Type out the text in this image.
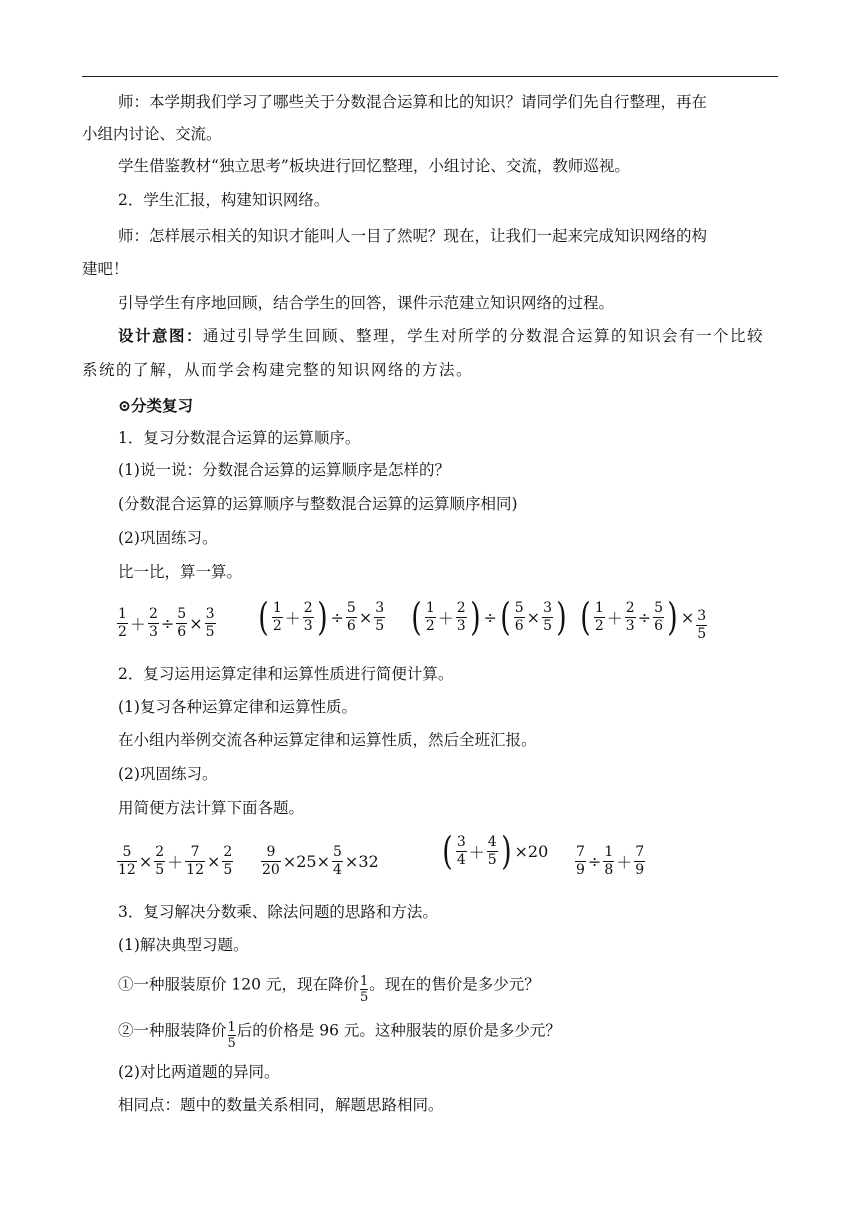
师：本学期我们学习了哪些关于分数混合运算和比的知识？请同学们先自行整理，再在
小组内讨论、交流。
学生借鉴教材“独立思考”板块进行回忆整理，小组讨论、交流，教师巡视。
2．学生汇报，构建知识网络。
师：怎样展示相关的知识才能叫人一目了然呢？现在，让我们一起来完成知识网络的构
建吧！
引导学生有序地回顾，结合学生的回答，课件示范建立知识网络的过程。
设计意图：通过引导学生回顾、整理，学生对所学的分数混合运算的知识会有一个比较
系统的了解，从而学会构建完整的知识网络的方法。
⊙分类复习
1．复习分数混合运算的运算顺序。
(1)说一说：分数混合运算的运算顺序是怎样的？
(分数混合运算的运算顺序与整数混合运算的运算顺序相同)
(2)巩固练习。
比一比，算一算。
$\frac{1}{2} + \frac{2}{3} \div \frac{5}{6} \times \frac{3}{5}$ ( $\frac{1}{2} + \frac{2}{3}$ ) ÷ $\frac{5}{6} \times \frac{3}{5}$ ( $\frac{1}{2} + \frac{2}{3}$ ) ÷ ( $\frac{5}{6} \times \frac{3}{5}$ ) ( $\frac{1}{2} + \frac{2}{3} \div \frac{5}{6}$ ) × $\frac{3}{5}$
2．复习运用运算定律和运算性质进行简便计算。
(1)复习各种运算定律和运算性质。
在小组内举例交流各种运算定律和运算性质，然后全班汇报。
(2)巩固练习。
用简便方法计算下面各题。
$\frac{5}{12} \times \frac{2}{5} + \frac{7}{12} \times \frac{2}{5} \frac{9}{20} \times 25\times \frac{5}{4} \times 32$ ( $\frac{3}{4} + \frac{4}{5}$ ) $\times 20 \frac{7}{9} \div \frac{1}{8} + \frac{7}{9}$
3．复习解决分数乘、除法问题的思路和方法。
(1)解决典型习题。
①一种服装原价 120 元，现在降价 $\frac{1}{5}$ 。现在的售价是多少元？
②一种服装降价 $\frac{1}{5}$ 后的价格是 96 元。这种服装的原价是多少元？
(2)对比两道题的异同。
相同点：题中的数量关系相同，解题思路相同。
